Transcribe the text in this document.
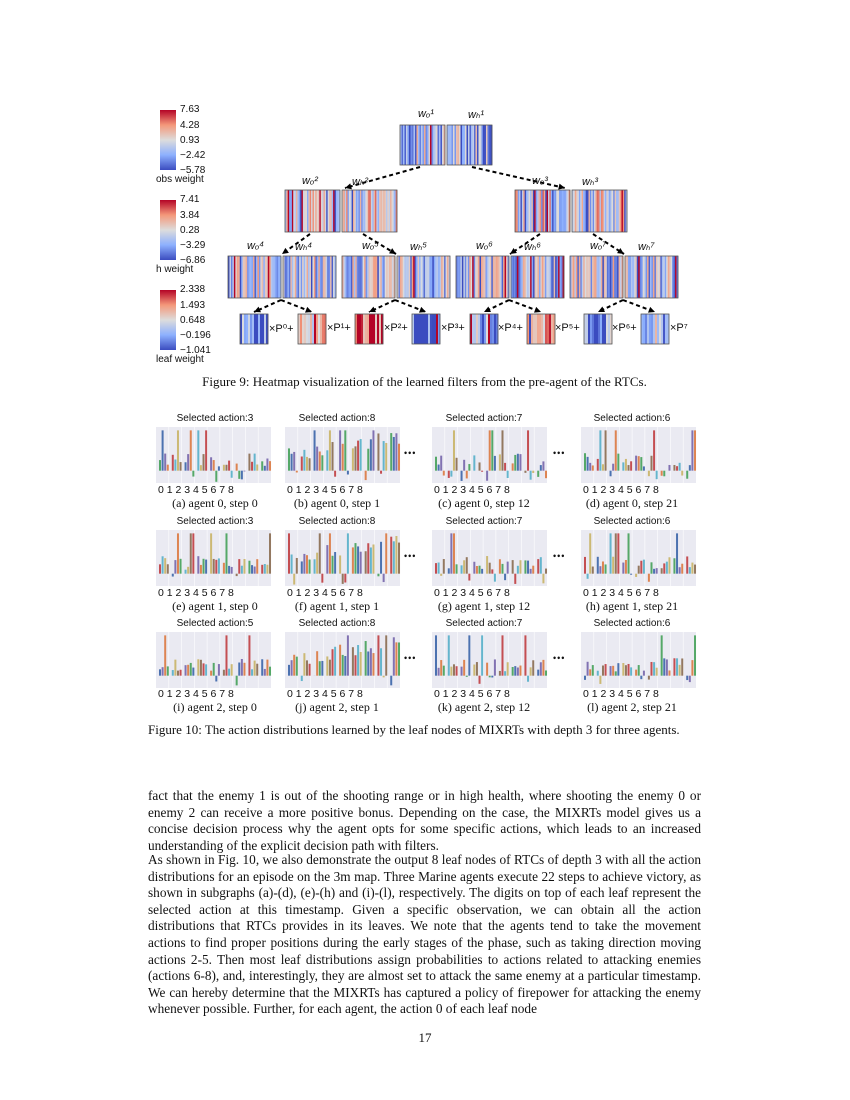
7.63
4.28
0.93
−2.42
−5.78
obs weight
7.41
3.84
0.28
−3.29
−6.86
h weight
2.338
1.493
0.648
−0.196
−1.041
leaf weight
wₒ¹	wₕ¹
wₒ²	wₕ²	wₒ³	wₕ³
wₒ⁴	wₕ⁴	wₒ⁵	wₕ⁵	wₒ⁶	wₕ⁶	wₒ⁷	wₕ⁷
×P⁰+	×P¹+	×P²+	×P³+	×P⁴+	×P⁵+	×P⁶+	×P⁷
Figure 9: Heatmap visualization of the learned filters from the pre-agent of the RTCs.
Selected action:3	Selected action:8	Selected action:7	Selected action:6
0 1 2 3 4 5 6 7 8	0 1 2 3 4 5 6 7 8	0 1 2 3 4 5 6 7 8	0 1 2 3 4 5 6 7 8
(a) agent 0, step 0	(b) agent 0, step 1	(c) agent 0, step 12	(d) agent 0, step 21
•••	•••
Selected action:3	Selected action:8	Selected action:7	Selected action:6
0 1 2 3 4 5 6 7 8	0 1 2 3 4 5 6 7 8	0 1 2 3 4 5 6 7 8	0 1 2 3 4 5 6 7 8
(e) agent 1, step 0	(f) agent 1, step 1	(g) agent 1, step 12	(h) agent 1, step 21
•••	•••
Selected action:5	Selected action:8	Selected action:7	Selected action:6
0 1 2 3 4 5 6 7 8	0 1 2 3 4 5 6 7 8	0 1 2 3 4 5 6 7 8	0 1 2 3 4 5 6 7 8
(i) agent 2, step 0	(j) agent 2, step 1	(k) agent 2, step 12	(l) agent 2, step 21
•••	•••
Figure 10: The action distributions learned by the leaf nodes of MIXRTs with depth 3 for three agents.

fact that the enemy 1 is out of the shooting range or in high health, where shooting the enemy 0 or enemy 2 can receive a more positive bonus. Depending on the case, the MIXRTs model gives us a concise decision process why the agent opts for some specific actions, which leads to an increased understanding of the explicit decision path with filters.

As shown in Fig. 10, we also demonstrate the output 8 leaf nodes of RTCs of depth 3 with all the action distributions for an episode on the 3m map. Three Marine agents execute 22 steps to achieve victory, as shown in subgraphs (a)-(d), (e)-(h) and (i)-(l), respectively. The digits on top of each leaf represent the selected action at this timestamp. Given a specific observation, we can obtain all the action distributions that RTCs provides in its leaves. We note that the agents tend to take the movement actions to find proper positions during the early stages of the phase, such as taking direction moving actions 2-5. Then most leaf distributions assign probabilities to actions related to attacking enemies (actions 6-8), and, interestingly, they are almost set to attack the same enemy at a particular timestamp. We can hereby determine that the MIXRTs has captured a policy of firepower for attacking the enemy whenever possible. Further, for each agent, the action 0 of each leaf node

17
